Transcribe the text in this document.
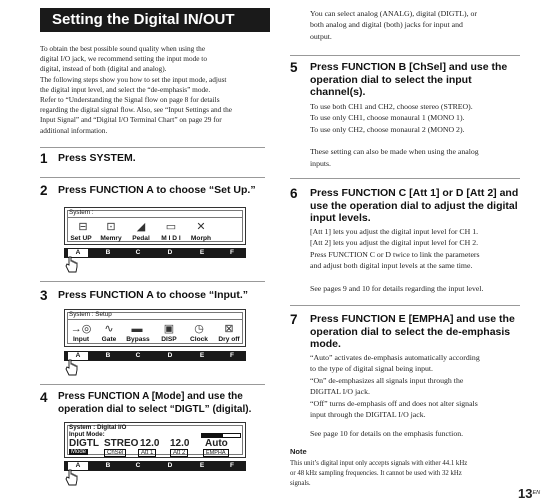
Setting the Digital IN/OUT
To obtain the best possible sound quality when using the
digital I/O jack, we recommend setting the input mode to
digital, instead of both (digital and analog).
The following steps show you how to set the input mode, adjust
the digital input level, and select the “de-emphasis” mode.
Refer to “Understanding the Signal flow on page 8 for details
regarding the digital signal flow. Also, see “Input Settings and the
Input Signal” and “Digital I/O Terminal Chart” on page 29 for
additional information.
1 Press SYSTEM.
2 Press FUNCTION A to choose “Set Up.”
System :
⊟
Set UP
⊡
Memry
◢
Pedal
▭
M I D I
✕
Morph
A	B	C	D	E	F
3 Press FUNCTION A to choose “Input.”
System : Setup
→◎
Input
∿
Gate
▬
Bypass
▣
DISP
◷
Clock
⊠
Dry off
A	B	C	D	E	F
4 Press FUNCTION A [Mode] and use the
operation dial to select “DIGTL” (digital).
System : Digital I/O
Input Mode:
DIGTL STREO 12.0 12.0 Auto
Mode	ChSel	Att 1	Att 2	EMPHA
A	B	C	D	E	F
You can select analog (ANALG), digital (DIGTL), or
both analog and digital (both) jacks for input and
output.
5 Press FUNCTION B [ChSel] and use the
operation dial to select the input
channel(s).
To use both CH1 and CH2, choose stereo (STREO).
To use only CH1, choose monaural 1 (MONO 1).
To use only CH2, choose monaural 2 (MONO 2).
These setting can also be made when using the analog
inputs.
6 Press FUNCTION C [Att 1] or D [Att 2] and
use the operation dial to adjust the digital
input levels.
[Att 1] lets you adjust the digital input level for CH 1.
[Att 2] lets you adjust the digital input level for CH 2.
Press FUNCTION C or D twice to link the parameters
and adjust both digital input levels at the same time.
See pages 9 and 10 for details regarding the input level.
7 Press FUNCTION E [EMPHA] and use the
operation dial to select the de-emphasis
mode.
“Auto” activates de-emphasis automatically according
to the type of digital signal being input.
“On” de-emphasizes all signals input through the
DIGITAL I/O jack.
“Off” turns de-emphasis off and does not alter signals
input through the DIGITAL I/O jack.
See page 10 for details on the emphasis function.
Note
This unit’s digital input only accepts signals with either 44.1 kHz
or 48 kHz sampling frequencies. It cannot be used with 32 kHz
signals.
$13^{EN}$
